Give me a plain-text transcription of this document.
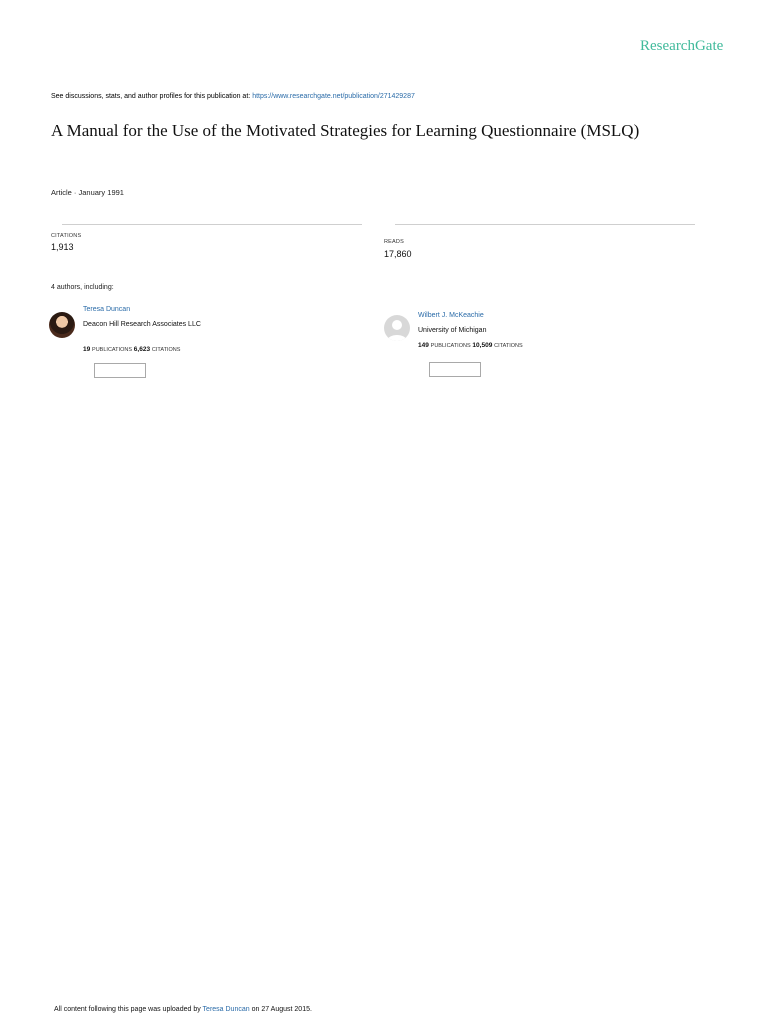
ResearchGate
See discussions, stats, and author profiles for this publication at: https://www.researchgate.net/publication/271429287
A Manual for the Use of the Motivated Strategies for Learning Questionnaire (MSLQ)
Article · January 1991
CITATIONS
1,913	READS
17,860
4 authors, including:
Teresa Duncan
Deacon Hill Research Associates LLC
19 PUBLICATIONS 6,623 CITATIONS
Wilbert J. McKeachie
University of Michigan
149 PUBLICATIONS 10,509 CITATIONS
All content following this page was uploaded by Teresa Duncan on 27 August 2015.
